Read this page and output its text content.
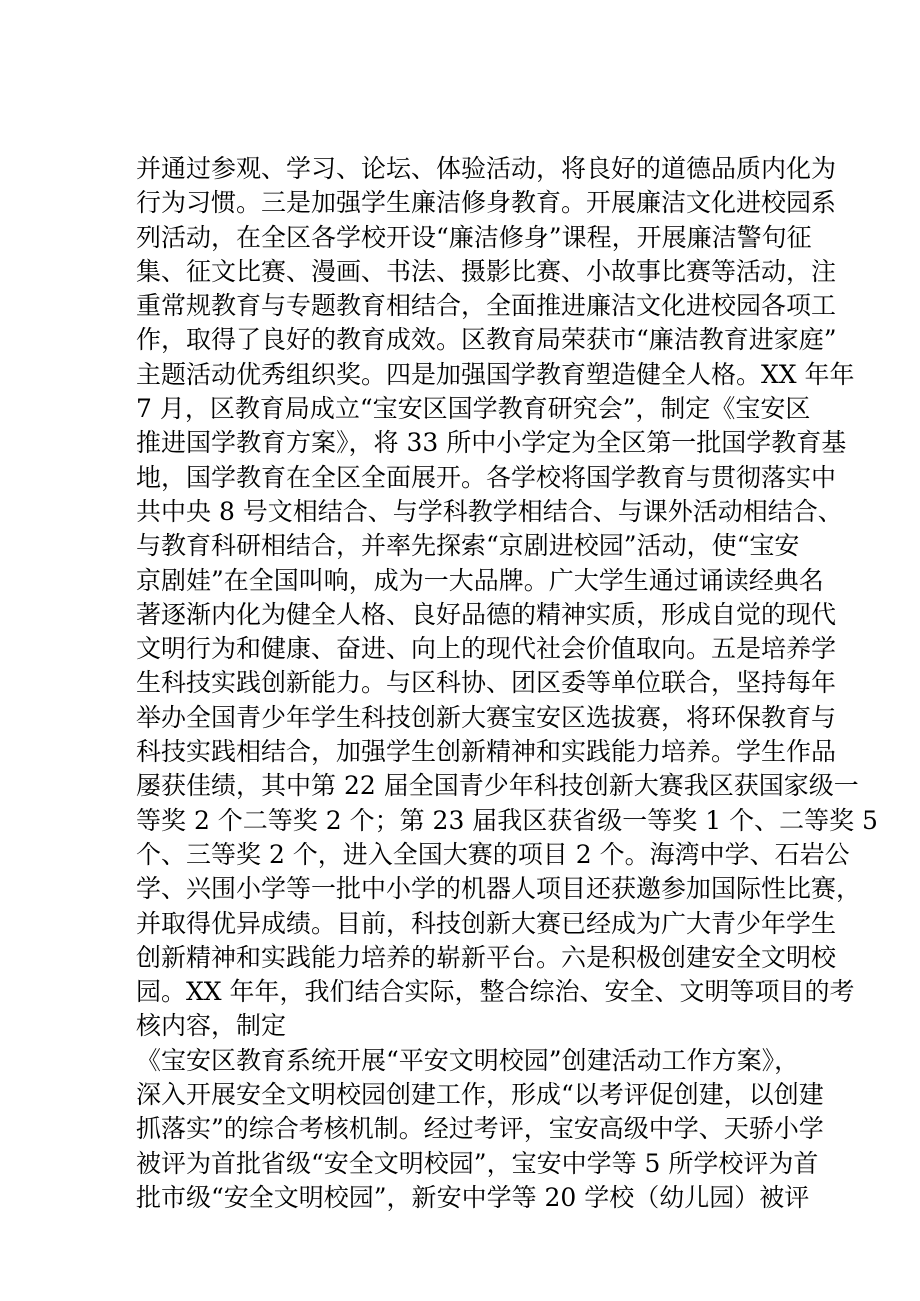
并通过参观、学习、论坛、体验活动，将良好的道德品质内化为
行为习惯。三是加强学生廉洁修身教育。开展廉洁文化进校园系
列活动，在全区各学校开设“廉洁修身”课程，开展廉洁警句征
集、征文比赛、漫画、书法、摄影比赛、小故事比赛等活动，注
重常规教育与专题教育相结合，全面推进廉洁文化进校园各项工
作，取得了良好的教育成效。区教育局荣获市“廉洁教育进家庭”
主题活动优秀组织奖。四是加强国学教育塑造健全人格。XX 年年
7 月，区教育局成立“宝安区国学教育研究会”，制定《宝安区
推进国学教育方案》，将 33 所中小学定为全区第一批国学教育基
地，国学教育在全区全面展开。各学校将国学教育与贯彻落实中
共中央 8 号文相结合、与学科教学相结合、与课外活动相结合、
与教育科研相结合，并率先探索“京剧进校园”活动，使“宝安
京剧娃”在全国叫响，成为一大品牌。广大学生通过诵读经典名
著逐渐内化为健全人格、良好品德的精神实质，形成自觉的现代
文明行为和健康、奋进、向上的现代社会价值取向。五是培养学
生科技实践创新能力。与区科协、团区委等单位联合，坚持每年
举办全国青少年学生科技创新大赛宝安区选拔赛，将环保教育与
科技实践相结合，加强学生创新精神和实践能力培养。学生作品
屡获佳绩，其中第 22 届全国青少年科技创新大赛我区获国家级一
等奖 2 个二等奖 2 个；第 23 届我区获省级一等奖 1 个、二等奖 5
个、三等奖 2 个，进入全国大赛的项目 2 个。海湾中学、石岩公
学、兴围小学等一批中小学的机器人项目还获邀参加国际性比赛，
并取得优异成绩。目前，科技创新大赛已经成为广大青少年学生
创新精神和实践能力培养的崭新平台。六是积极创建安全文明校
园。XX 年年，我们结合实际，整合综治、安全、文明等项目的考
核内容，制定
《宝安区教育系统开展“平安文明校园”创建活动工作方案》，
深入开展安全文明校园创建工作，形成“以考评促创建，以创建
抓落实”的综合考核机制。经过考评，宝安高级中学、天骄小学
被评为首批省级“安全文明校园”，宝安中学等 5 所学校评为首
批市级“安全文明校园”，新安中学等 20 学校（幼儿园）被评
